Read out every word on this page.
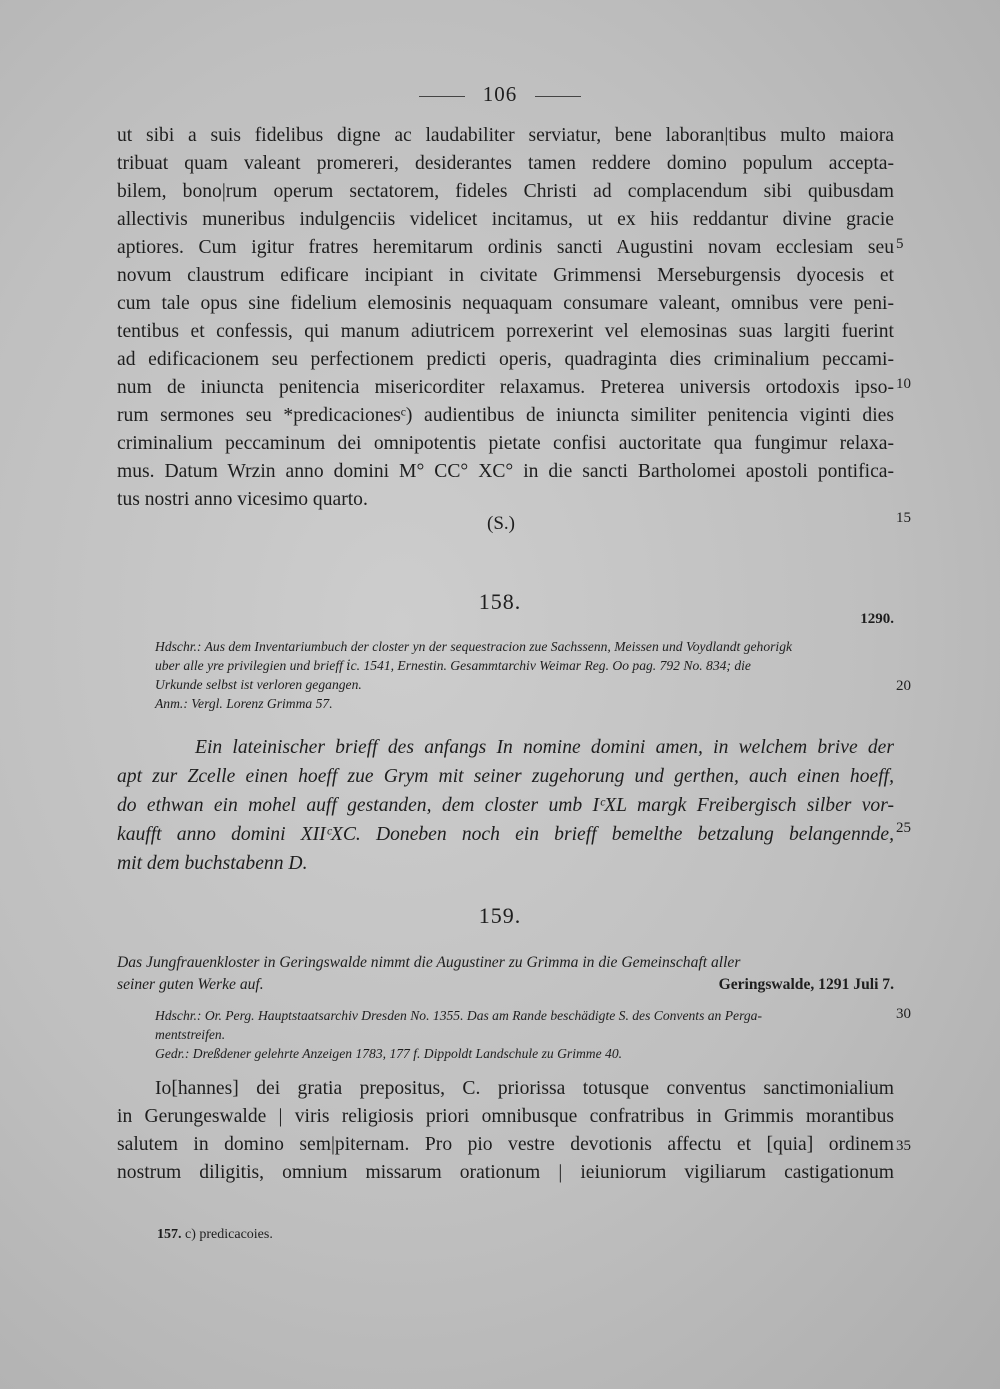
106

ut sibi a suis fidelibus digne ac laudabiliter serviatur, bene laboran|tibus multo maiora

tribuat quam valeant promereri, desiderantes tamen reddere domino populum accepta-

bilem, bono|rum operum sectatorem, fideles Christi ad complacendum sibi quibusdam

allectivis muneribus indulgenciis videlicet incitamus, ut ex hiis reddantur divine gracie

aptiores. Cum igitur fratres heremitarum ordinis sancti Augustini novam ecclesiam seu

novum claustrum edificare incipiant in civitate Grimmensi Merseburgensis dyocesis et

cum tale opus sine fidelium elemosinis nequaquam consumare valeant, omnibus vere peni-

tentibus et confessis, qui manum adiutricem porrexerint vel elemosinas suas largiti fuerint

ad edificacionem seu perfectionem predicti operis, quadraginta dies criminalium peccami-

num de iniuncta penitencia misericorditer relaxamus. Preterea universis ortodoxis ipso-

rum sermones seu *predicacionesᶜ) audientibus de iniuncta similiter penitencia viginti dies

criminalium peccaminum dei omnipotentis pietate confisi auctoritate qua fungimur relaxa-

mus. Datum Wrzin anno domini M° CC° XC° in die sancti Bartholomei apostoli pontifica-

tus nostri anno vicesimo quarto.

(S.)
5
10
15
20
25
30
35
158.
1290.

Hdschr.: Aus dem Inventariumbuch der closter yn der sequestracion zue Sachssenn, Meissen und Voydlandt gehorigk

uber alle yre privilegien und brieff ⅰc. 1541, Ernestin. Gesammtarchiv Weimar Reg. Oo pag. 792 No. 834; die

Urkunde selbst ist verloren gegangen.

Anm.: Vergl. Lorenz Grimma 57.

Ein lateinischer brieff des anfangs In nomine domini amen, in welchem brive der

apt zur Zcelle einen hoeff zue Grym mit seiner zugehorung und gerthen, auch einen hoeff,

do ethwan ein mohel auff gestanden, dem closter umb IᶜXL margk Freibergisch silber vor-

kaufft anno domini XIIᶜXC. Doneben noch ein brieff bemelthe betzalung belangennde,

mit dem buchstabenn D.

159.

Das Jungfrauenkloster in Geringswalde nimmt die Augustiner zu Grimma in die Gemeinschaft aller

seiner guten Werke auf.	Geringswalde, 1291 Juli 7.

Hdschr.: Or. Perg. Hauptstaatsarchiv Dresden No. 1355. Das am Rande beschädigte S. des Convents an Perga-

mentstreifen.

Gedr.: Dreßdener gelehrte Anzeigen 1783, 177 f. Dippoldt Landschule zu Grimme 40.

Io[hannes] dei gratia prepositus, C. priorissa totusque conventus sanctimonialium

in Gerungeswalde | viris religiosis priori omnibusque confratribus in Grimmis morantibus

salutem in domino sem|piternam. Pro pio vestre devotionis affectu et [quia] ordinem

nostrum diligitis, omnium missarum orationum | ieiuniorum vigiliarum castigationum

157. c) predicacoies.
